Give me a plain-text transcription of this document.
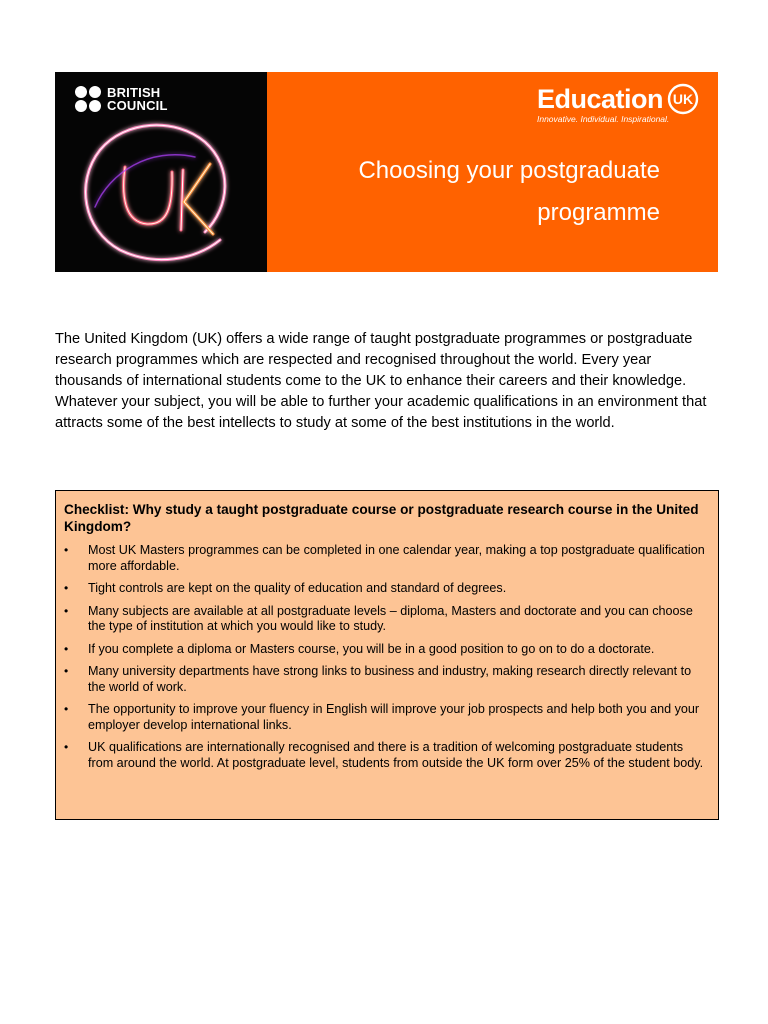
BRITISH
COUNCIL	Education UK
Innovative. Individual. Inspirational.
Choosing your postgraduate
programme

The United Kingdom (UK) offers a wide range of taught postgraduate programmes or postgraduate research programmes which are respected and recognised throughout the world. Every year thousands of international students come to the UK to enhance their careers and their knowledge. Whatever your subject, you will be able to further your academic qualifications in an environment that attracts some of the best intellects to study at some of the best institutions in the world.

Checklist: Why study a taught postgraduate course or postgraduate research course in the United Kingdom?
• Most UK Masters programmes can be completed in one calendar year, making a top postgraduate qualification more affordable.
• Tight controls are kept on the quality of education and standard of degrees.
• Many subjects are available at all postgraduate levels – diploma, Masters and doctorate and you can choose the type of institution at which you would like to study.
• If you complete a diploma or Masters course, you will be in a good position to go on to do a doctorate.
• Many university departments have strong links to business and industry, making research directly relevant to the world of work.
• The opportunity to improve your fluency in English will improve your job prospects and help both you and your employer develop international links.
• UK qualifications are internationally recognised and there is a tradition of welcoming postgraduate students from around the world. At postgraduate level, students from outside the UK form over 25% of the student body.
